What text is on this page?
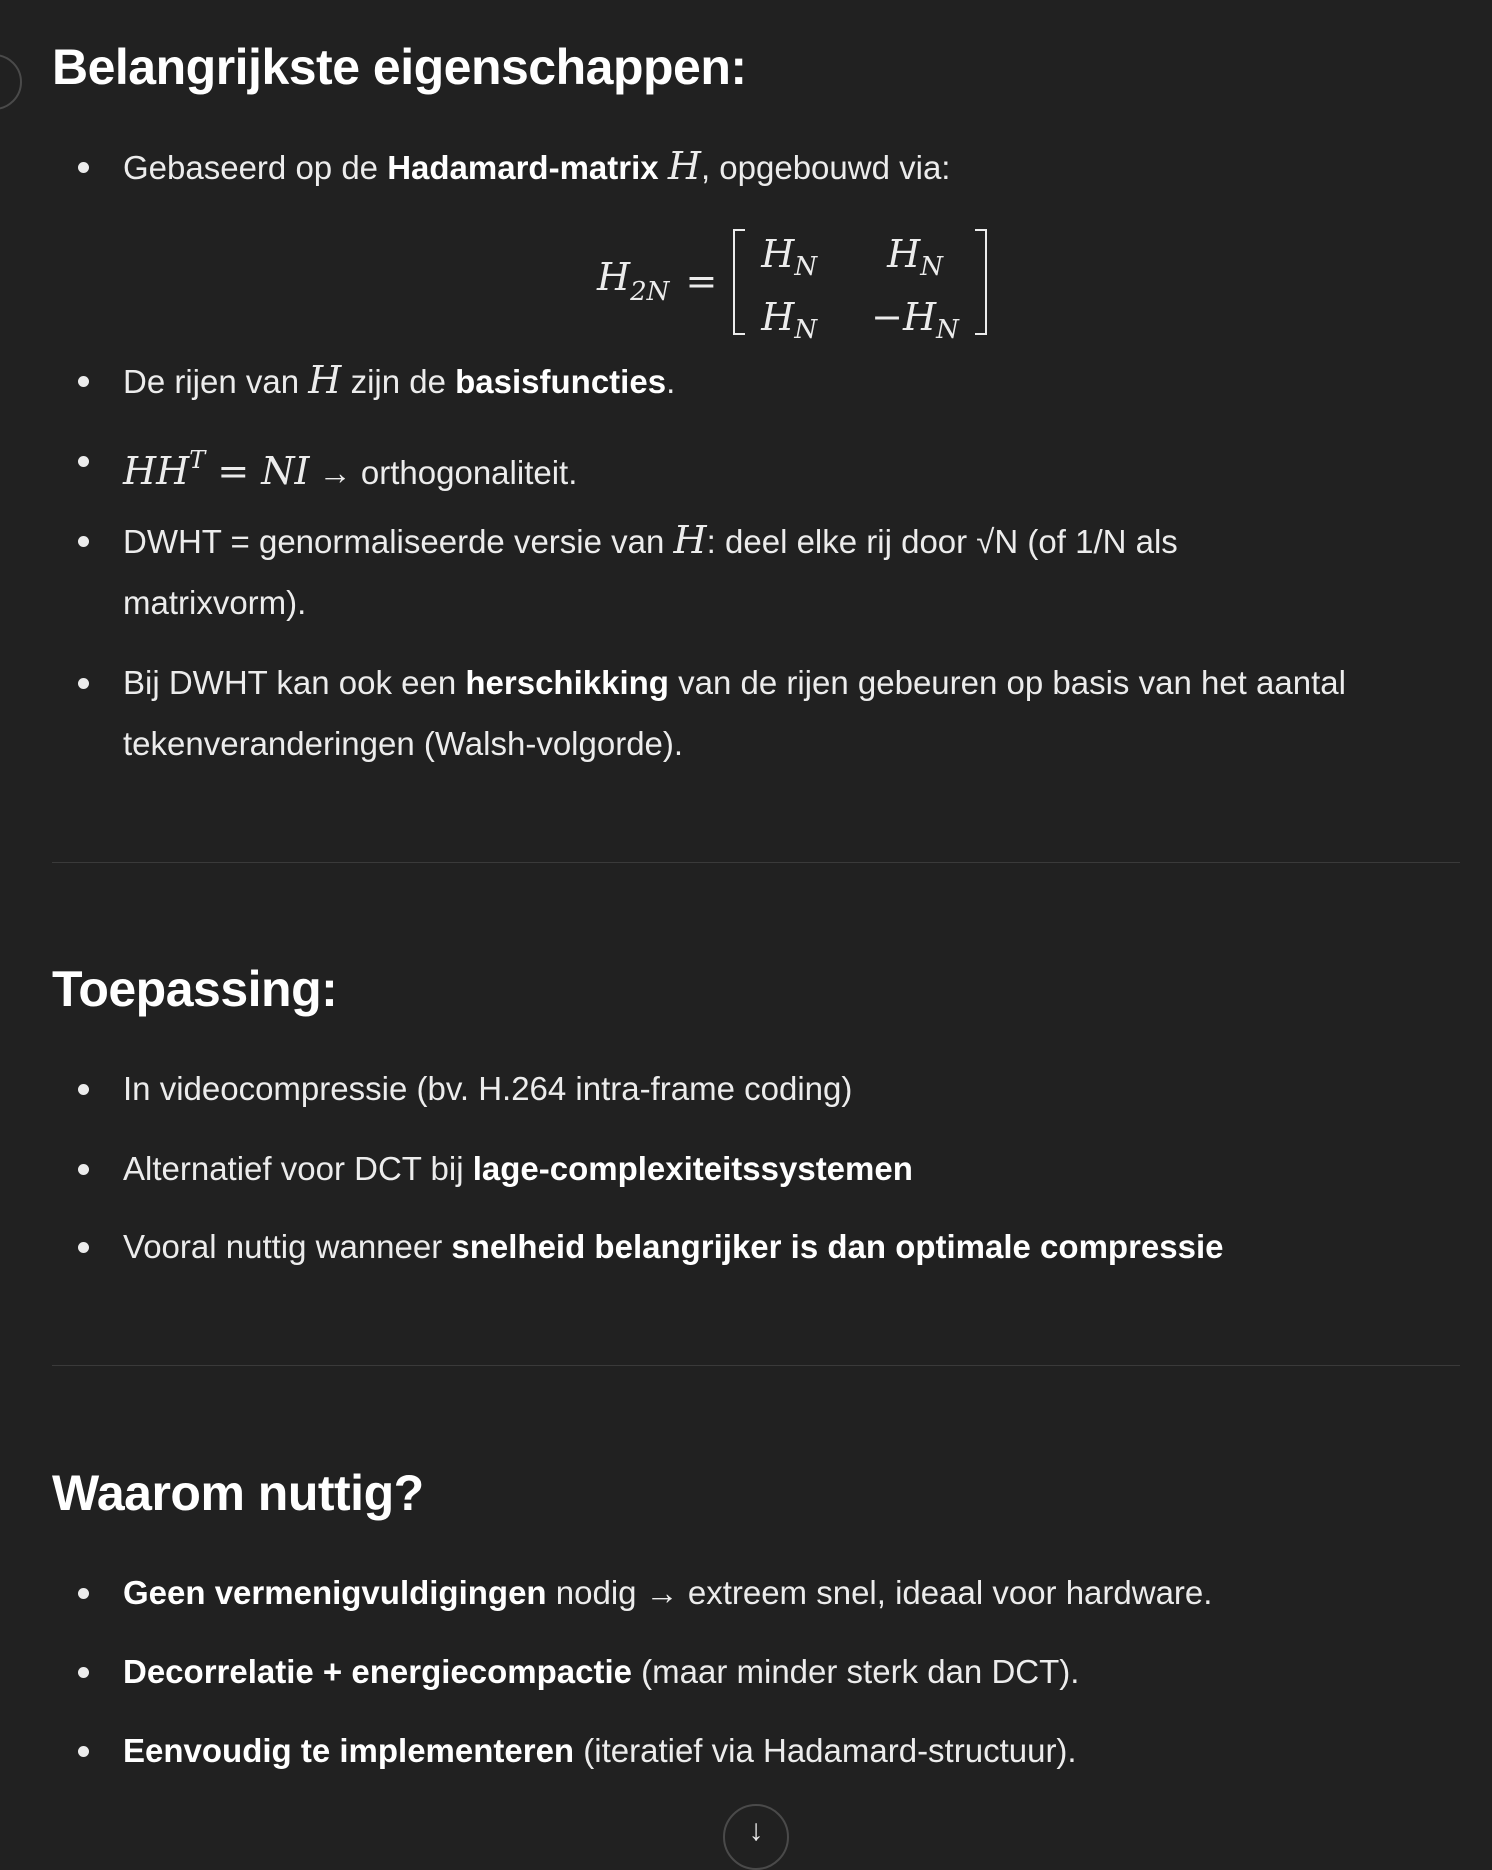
Belangrijkste eigenschappen:
Gebaseerd op de Hadamard-matrix H, opgebouwd via:
De rijen van H zijn de basisfuncties.
$HH^T$ = NI → orthogonaliteit.
DWHT = genormaliseerde versie van H: deel elke rij door √N (of 1/N als
matrixvorm).
Bij DWHT kan ook een herschikking van de rijen gebeuren op basis van het aantal
tekenveranderingen (Walsh-volgorde).
$H_{2N}$ =
$H_N$		$H_N$
$H_N$		$-H_N$
Toepassing:
In videocompressie (bv. H.264 intra-frame coding)
Alternatief voor DCT bij lage-complexiteitssystemen
Vooral nuttig wanneer snelheid belangrijker is dan optimale compressie
Waarom nuttig?
Geen vermenigvuldigingen nodig → extreem snel, ideaal voor hardware.
Decorrelatie + energiecompactie (maar minder sterk dan DCT).
Eenvoudig te implementeren (iteratief via Hadamard-structuur).
↓
